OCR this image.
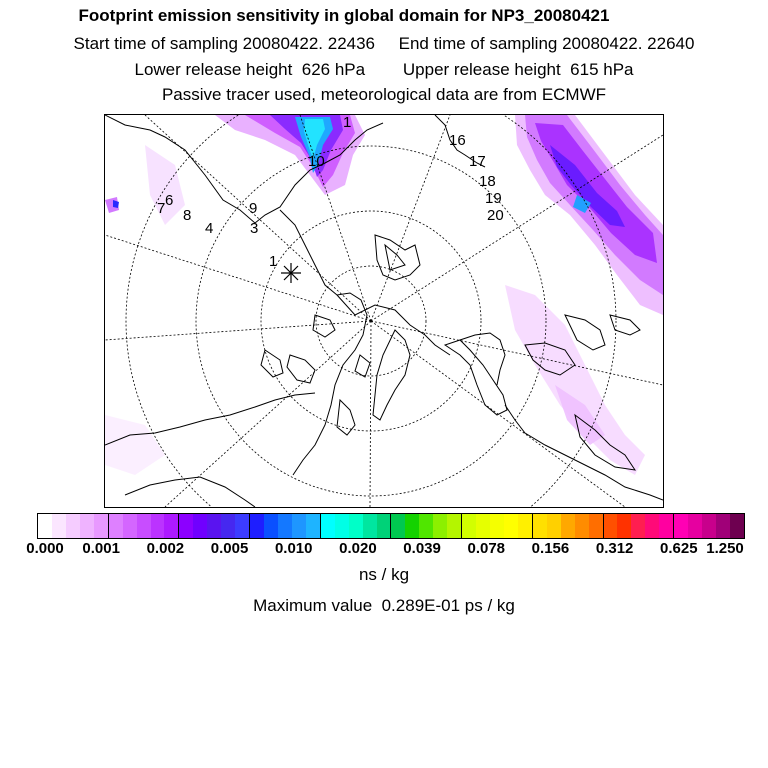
Footprint emission sensitivity in global domain for NP3_20080421
Start time of sampling 20080422. 22436     End time of sampling 20080422. 22640
Lower release height  626 hPa        Upper release height  615 hPa
Passive tracer used, meteorological data are from ECMWF
1
3
4
6
7 8	9
10
16
17
18
19
20
1
0.000 0.001 0.002 0.005 0.010 0.020 0.039 0.078 0.156 0.312 0.625 1.250
ns / kg
Maximum value  0.289E-01 ps / kg
